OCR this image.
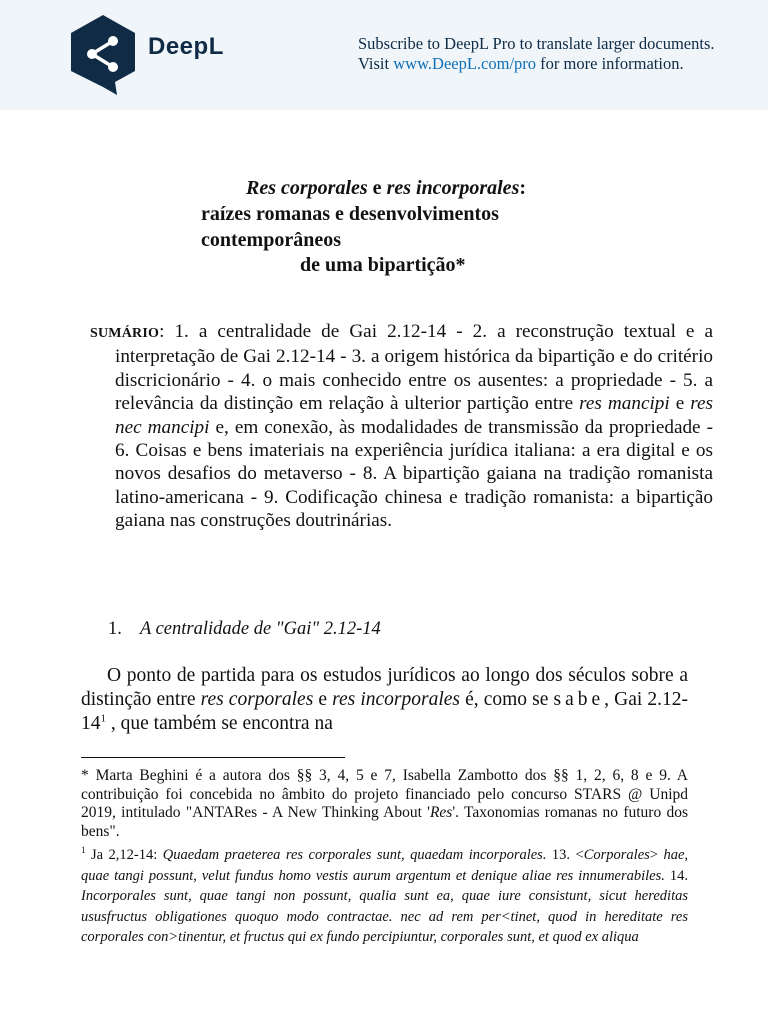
DeepL	Subscribe to DeepL Pro to translate larger documents.
Visit www.DeepL.com/pro for more information.
Res corporales e res incorporales:
raízes romanas e desenvolvimentos
contemporâneos
de uma bipartição*
SUMÁRIO: 1. a centralidade de Gai 2.12-14 - 2. a reconstrução textual e a interpretação de Gai 2.12-14 - 3. a origem histórica da bipartição e do critério discricionário - 4. o mais conhecido entre os ausentes: a propriedade - 5. a relevância da distinção em relação à ulterior partição entre res mancipi e res nec mancipi e, em conexão, às modalidades de transmissão da propriedade - 6. Coisas e bens imateriais na experiência jurídica italiana: a era digital e os novos desafios do metaverso - 8. A bipartição gaiana na tradição romanista latino-americana - 9. Codificação chinesa e tradição romanista: a bipartição gaiana nas construções doutrinárias.
1. A centralidade de "Gai" 2.12-14
O ponto de partida para os estudos jurídicos ao longo dos séculos sobre a distinção entre res corporales e res incorporales é, como se sabe, Gai $2.12-14^1$ , que também se encontra na
* Marta Beghini é a autora dos §§ 3, 4, 5 e 7, Isabella Zambotto dos §§ 1, 2, 6, 8 e 9. A contribuição foi concebida no âmbito do projeto financiado pelo concurso STARS @ Unipd 2019, intitulado "ANTARes - A New Thinking About 'Res'. Taxonomias romanas no futuro dos bens".
$^1$ Ja 2,12-14: Quaedam praeterea res corporales sunt, quaedam incorporales. 13. <Corporales> hae, quae tangi possunt, velut fundus homo vestis aurum argentum et denique aliae res innumerabiles. 14. Incorporales sunt, quae tangi non possunt, qualia sunt ea, quae iure consistunt, sicut hereditas ususfructus obligationes quoquo modo contractae. nec ad rem per<tinet, quod in hereditate res corporales con>tinentur, et fructus qui ex fundo percipiuntur, corporales sunt, et quod ex aliqua
